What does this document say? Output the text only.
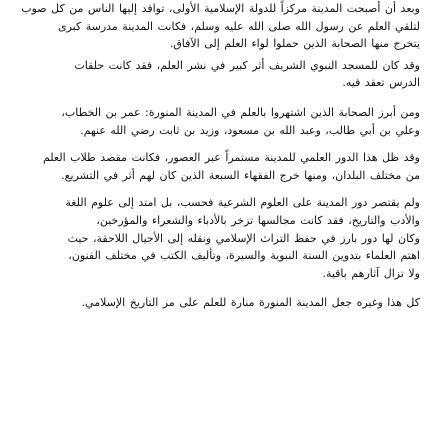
وبعد أن أصبحت المدينة مركزاً للدولة الإسلامية الأولى، توافد إليها الناس من كل صوب
لتلقي العلم عن رسول الله صلى الله عليه وسلم، فكانت المدينة مدرسة كبرى
يتخرج منها الصحابة الذين حملوا لواء العلم إلى الآفاق.
وقد كان للمسجد النبوي الشريف أثر كبير في نشر العلم، فقد كانت حلقات
الدرس تعقد فيه.
ومن أبرز الصحابة الذين اشتهروا بالعلم في المدينة المنورة: عمر بن الخطاب،
وعلي بن أبي طالب، وعبد الله بن مسعود، وزيد بن ثابت رضي الله عنهم.
وقد ظل هذا الدور العلمي للمدينة مستمراً عبر العصور، فكانت مقصد طلاب العلم
من مختلف البلدان، ومنها خرج الفقهاء السبعة الذين كان لهم أثر في التشريع.
ولم يقتصر دور المدينة على العلوم الشرعية فحسب، بل امتد إلى علوم اللغة
والأدب والتاريخ، فقد كانت مجالسها تزخر بالأدباء والشعراء والمؤرخين،
وكان لها دور بارز في حفظ التراث الإسلامي ونقله إلى الأجيال اللاحقة، حيث
اهتم العلماء بتدوين السنة النبوية والسيرة، وتأليف الكتب في مختلف الفنون،
ولا تزال آثارهم باقية.
كل هذا وغيره جعل المدينة المنورة منارة للعلم على مر التاريخ الإسلامي.
